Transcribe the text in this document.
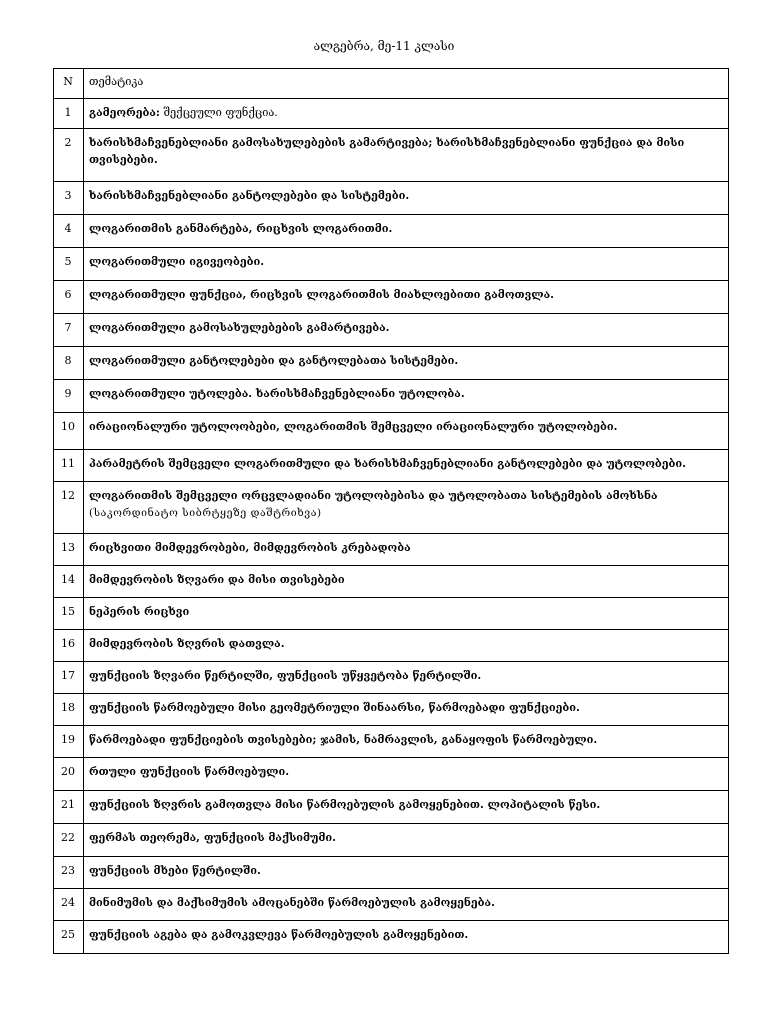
ალგებრა, მე-11 კლასი
N	თემატიკა
1	გამეორება: შექცეული ფუნქცია.
2	ხარისხმაჩვენებლიანი გამოსახულებების გამარტივება; ხარისხმაჩვენებლიანი ფუნქცია და მისი თვისებები.
3	ხარისხმაჩვენებლიანი განტოლებები და სისტემები.
4	ლოგარითმის განმარტება, რიცხვის ლოგარითმი.
5	ლოგარითმული იგივეობები.
6	ლოგარითმული ფუნქცია, რიცხვის ლოგარითმის მიახლოებითი გამოთვლა.
7	ლოგარითმული გამოსახულებების გამარტივება.
8	ლოგარითმული განტოლებები და განტოლებათა სისტემები.
9	ლოგარითმული უტოლება. ხარისხმაჩვენებლიანი უტოლობა.
10	ირაციონალური უტოლოობები, ლოგარითმის შემცველი ირაციონალური უტოლობები.
11	პარამეტრის შემცველი ლოგარითმული და ხარისხმაჩვენებლიანი განტოლებები და უტოლობები.
12	ლოგარითმის შემცველი ორცვლადიანი უტოლობებისა და უტოლობათა სისტემების ამოხსნა
(საკორდინატო სიბრტყეზე დაშტრიხვა)
13	რიცხვითი მიმდევრობები, მიმდევრობის კრებადობა
14	მიმდევრობის ზღვარი და მისი თვისებები
15	ნეპერის რიცხვი
16	მიმდევრობის ზღვრის დათვლა.
17	ფუნქციის ზღვარი წერტილში, ფუნქციის უწყვეტობა წერტილში.
18	ფუნქციის წარმოებული მისი გეომეტრიული შინაარსი, წარმოებადი ფუნქციები.
19	წარმოებადი ფუნქციების თვისებები; ჯამის, ნამრავლის, განაყოფის წარმოებული.
20	რთული ფუნქციის წარმოებული.
21	ფუნქციის ზღვრის გამოთვლა მისი წარმოებულის გამოყენებით. ლოპიტალის წესი.
22	ფერმას თეორემა, ფუნქციის მაქსიმუმი.
23	ფუნქციის მხები წერტილში.
24	მინიმუმის და მაქსიმუმის ამოცანებში წარმოებულის გამოყენება.
25	ფუნქციის აგება და გამოკვლევა წარმოებულის გამოყენებით.
